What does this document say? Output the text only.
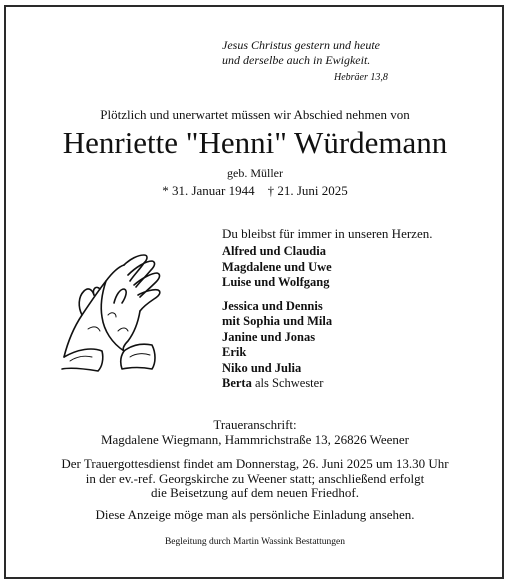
Jesus Christus gestern und heute
und derselbe auch in Ewigkeit.
Hebräer 13,8
Plötzlich und unerwartet müssen wir Abschied nehmen von
Henriette "Henni" Würdemann
geb. Müller
* 31. Januar 1944    † 21. Juni 2025
Du bleibst für immer in unseren Herzen.
Alfred und Claudia
Magdalene und Uwe
Luise und Wolfgang
Jessica und Dennis
mit Sophia und Mila
Janine und Jonas
Erik
Niko und Julia
Berta als Schwester
Traueranschrift:
Magdalene Wiegmann, Hammrichstraße 13, 26826 Weener
Der Trauergottesdienst findet am Donnerstag, 26. Juni 2025 um 13.30 Uhr
in der ev.-ref. Georgskirche zu Weener statt; anschließend erfolgt
die Beisetzung auf dem neuen Friedhof.
Diese Anzeige möge man als persönliche Einladung ansehen.
Begleitung durch Martin Wassink Bestattungen
